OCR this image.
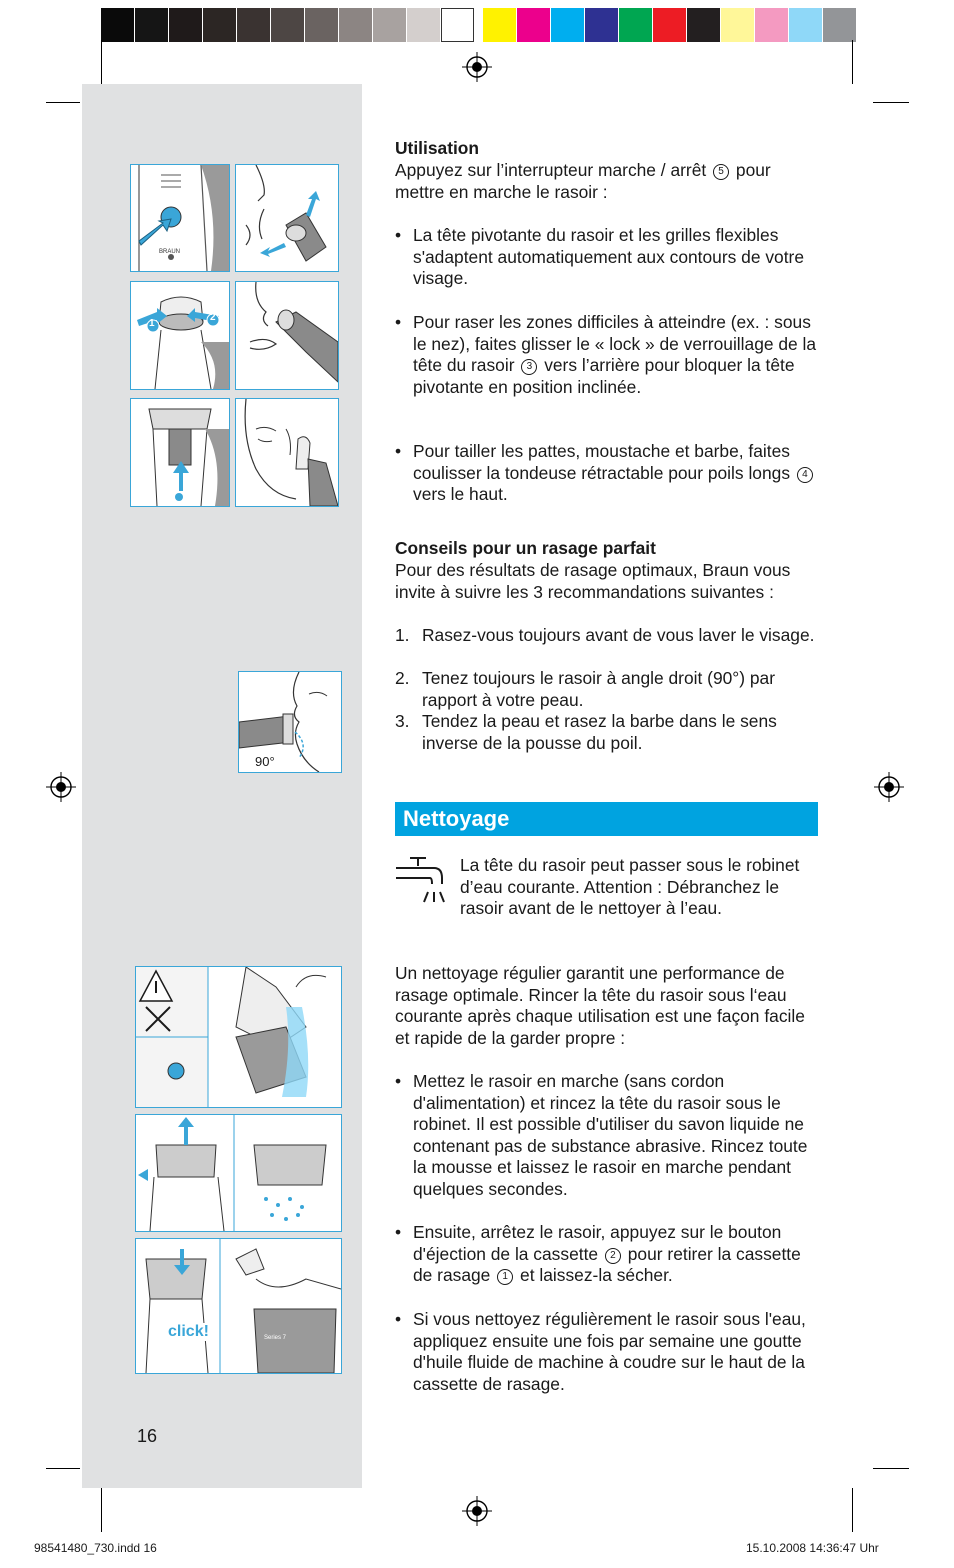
BRAUN
1
2
90°
click!	Series 7
Utilisation
Appuyez sur l’interrupteur marche / arrêt 5 pour
mettre en marche le rasoir :
• La tête pivotante du rasoir et les grilles flexibles s'adaptent automatiquement aux contours de votre visage.
• Pour raser les zones difficiles à atteindre (ex. : sous le nez), faites glisser le « lock » de verrouillage de la tête du rasoir 3 vers l’arrière pour bloquer la tête pivotante en position inclinée.
• Pour tailler les pattes, moustache et barbe, faites coulisser la tondeuse rétractable pour poils longs 4 vers le haut.
Conseils pour un rasage parfait
Pour des résultats de rasage optimaux, Braun vous invite à suivre les 3 recommandations suivantes :
1. Rasez-vous toujours avant de vous laver le visage.
2. Tenez toujours le rasoir à angle droit (90°) par rapport à votre peau.
3. Tendez la peau et rasez la barbe dans le sens inverse de la pousse du poil.
Nettoyage
La tête du rasoir peut passer sous le robinet d’eau courante. Attention : Débranchez le rasoir avant de le nettoyer à l’eau.
Un nettoyage régulier garantit une performance de rasage optimale. Rincer la tête du rasoir sous l‘eau courante après chaque utilisation est une façon facile et rapide de la garder propre :
• Mettez le rasoir en marche (sans cordon d'alimentation) et rincez la tête du rasoir sous le robinet. Il est possible d'utiliser du savon liquide ne contenant pas de substance abrasive. Rincez toute la mousse et laissez le rasoir en marche pendant quelques secondes.
• Ensuite, arrêtez le rasoir, appuyez sur le bouton d'éjection de la cassette 2 pour retirer la cassette de rasage 1 et laissez-la sécher.
• Si vous nettoyez régulièrement le rasoir sous l'eau, appliquez ensuite une fois par semaine une goutte d'huile fluide de machine à coudre sur le haut de la cassette de rasage.
16
98541480_730.indd 16	15.10.2008 14:36:47 Uhr
